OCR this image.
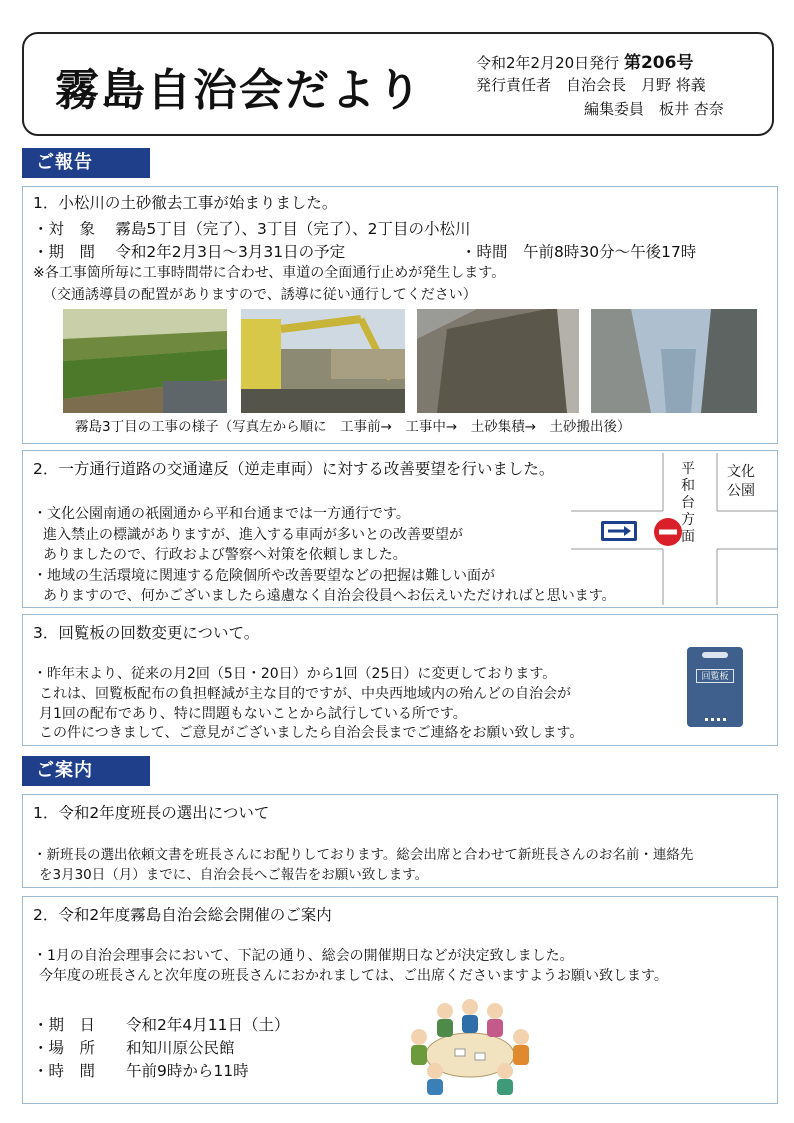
霧島自治会だより
令和2年2月20日発行 第206号
発行責任者　自治会長　月野 将義
編集委員　板井 杏奈
ご報告
1．小松川の土砂徹去工事が始まりました。
・対　象　 霧島5丁目（完了）、3丁目（完了）、2丁目の小松川
・期　間　 令和2年2月3日～3月31日の予定	・時間　午前8時30分～午後17時
※各工事箇所毎に工事時間帯に合わせ、車道の全面通行止めが発生します。
（交通誘導員の配置がありますので、誘導に従い通行してください）
霧島3丁目の工事の様子（写真左から順に　工事前→　工事中→　土砂集積→　土砂搬出後）
2．一方通行道路の交通違反（逆走車両）に対する改善要望を行いました。
・文化公園南通の祇園通から平和台通までは一方通行です。
進入禁止の標識がありますが、進入する車両が多いとの改善要望が
ありましたので、行政および警察へ対策を依頼しました。
・地域の生活環境に関連する危険個所や改善要望などの把握は難しい面が
ありますので、何かございましたら遠慮なく自治会役員へお伝えいただければと思います。
平和台方面
文化公園
3．回覧板の回数変更について。
・昨年末より、従来の月2回（5日・20日）から1回（25日）に変更しております。
これは、回覧板配布の負担軽減が主な目的ですが、中央西地域内の殆んどの自治会が
月1回の配布であり、特に問題もないことから試行している所です。
この件につきまして、ご意見がございましたら自治会長までご連絡をお願い致します。
回覧板
ご案内
1．令和2年度班長の選出について
・新班長の選出依頼文書を班長さんにお配りしております。総会出席と合わせて新班長さんのお名前・連絡先
を3月30日（月）までに、自治会長へご報告をお願い致します。
2．令和2年度霧島自治会総会開催のご案内
・1月の自治会理事会において、下記の通り、総会の開催期日などが決定致しました。
今年度の班長さんと次年度の班長さんにおかれましては、ご出席くださいますようお願い致します。
・期　日　　令和2年4月11日（土）
・場　所　　和知川原公民館
・時　間　　午前9時から11時
